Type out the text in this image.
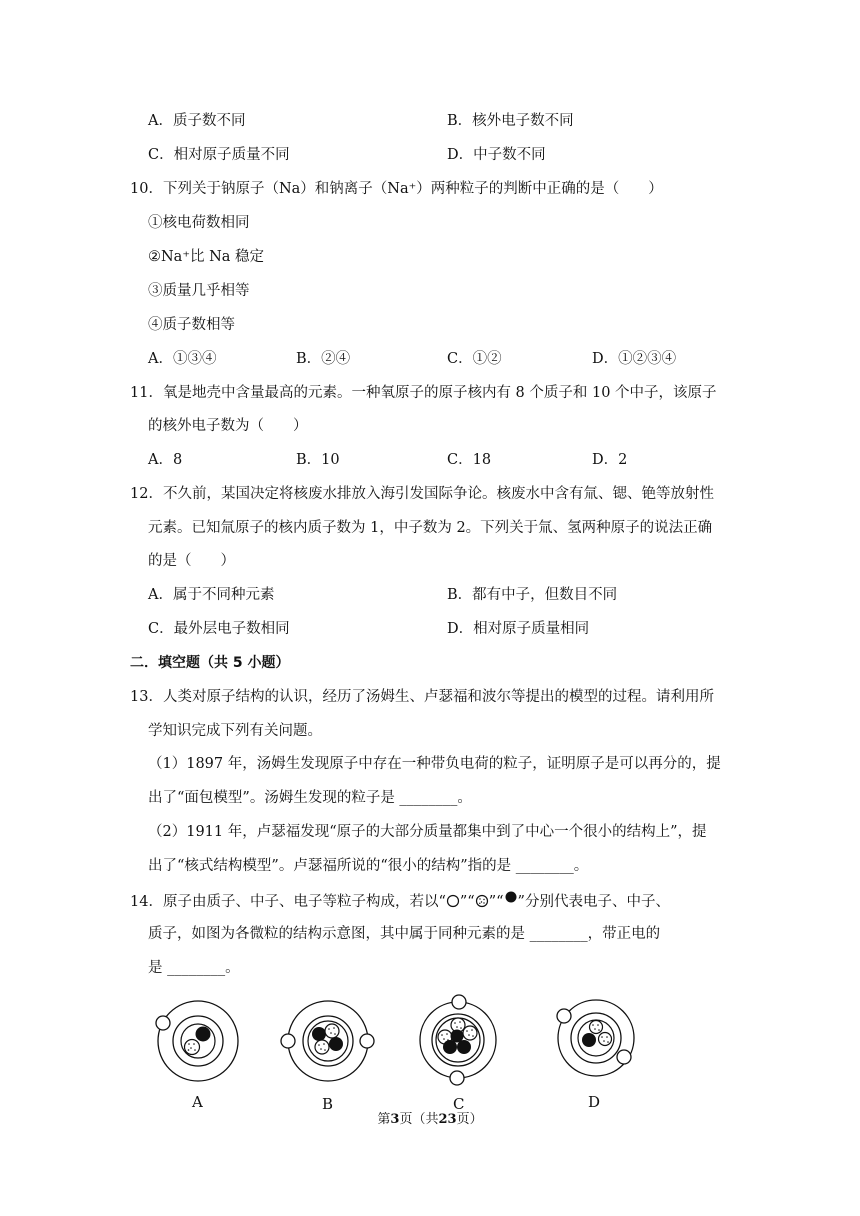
A．质子数不同	B．核外电子数不同
C．相对原子质量不同	D．中子数不同
10．下列关于钠原子（Na）和钠离子（Na⁺）两种粒子的判断中正确的是（　　）
①核电荷数相同
②Na⁺比 Na 稳定
③质量几乎相等
④质子数相等
A．①③④	B．②④	C．①②	D．①②③④
11．氧是地壳中含量最高的元素。一种氧原子的原子核内有 8 个质子和 10 个中子，该原子
的核外电子数为（　　）
A．8	B．10	C．18	D．2
12．不久前，某国决定将核废水排放入海引发国际争论。核废水中含有氚、锶、铯等放射性
元素。已知氚原子的核内质子数为 1，中子数为 2。下列关于氚、氢两种原子的说法正确
的是（　　）
A．属于不同种元素	B．都有中子，但数目不同
C．最外层电子数相同	D．相对原子质量相同
二．填空题（共 5 小题）
13．人类对原子结构的认识，经历了汤姆生、卢瑟福和波尔等提出的模型的过程。请利用所
学知识完成下列有关问题。
（1）1897 年，汤姆生发现原子中存在一种带负电荷的粒子，证明原子是可以再分的，提
出了“面包模型”。汤姆生发现的粒子是 ________。
（2）1911 年，卢瑟福发现“原子的大部分质量都集中到了中心一个很小的结构上”，提
出了“核式结构模型”。卢瑟福所说的“很小的结构”指的是 ________。
14．原子由质子、中子、电子等粒子构成，若以“ ”“ ”“ ”分别代表电子、中子、
质子，如图为各微粒的结构示意图，其中属于同种元素的是 ________，带正电的
是 ________。
A	B	C	D
第3页（共23页）
